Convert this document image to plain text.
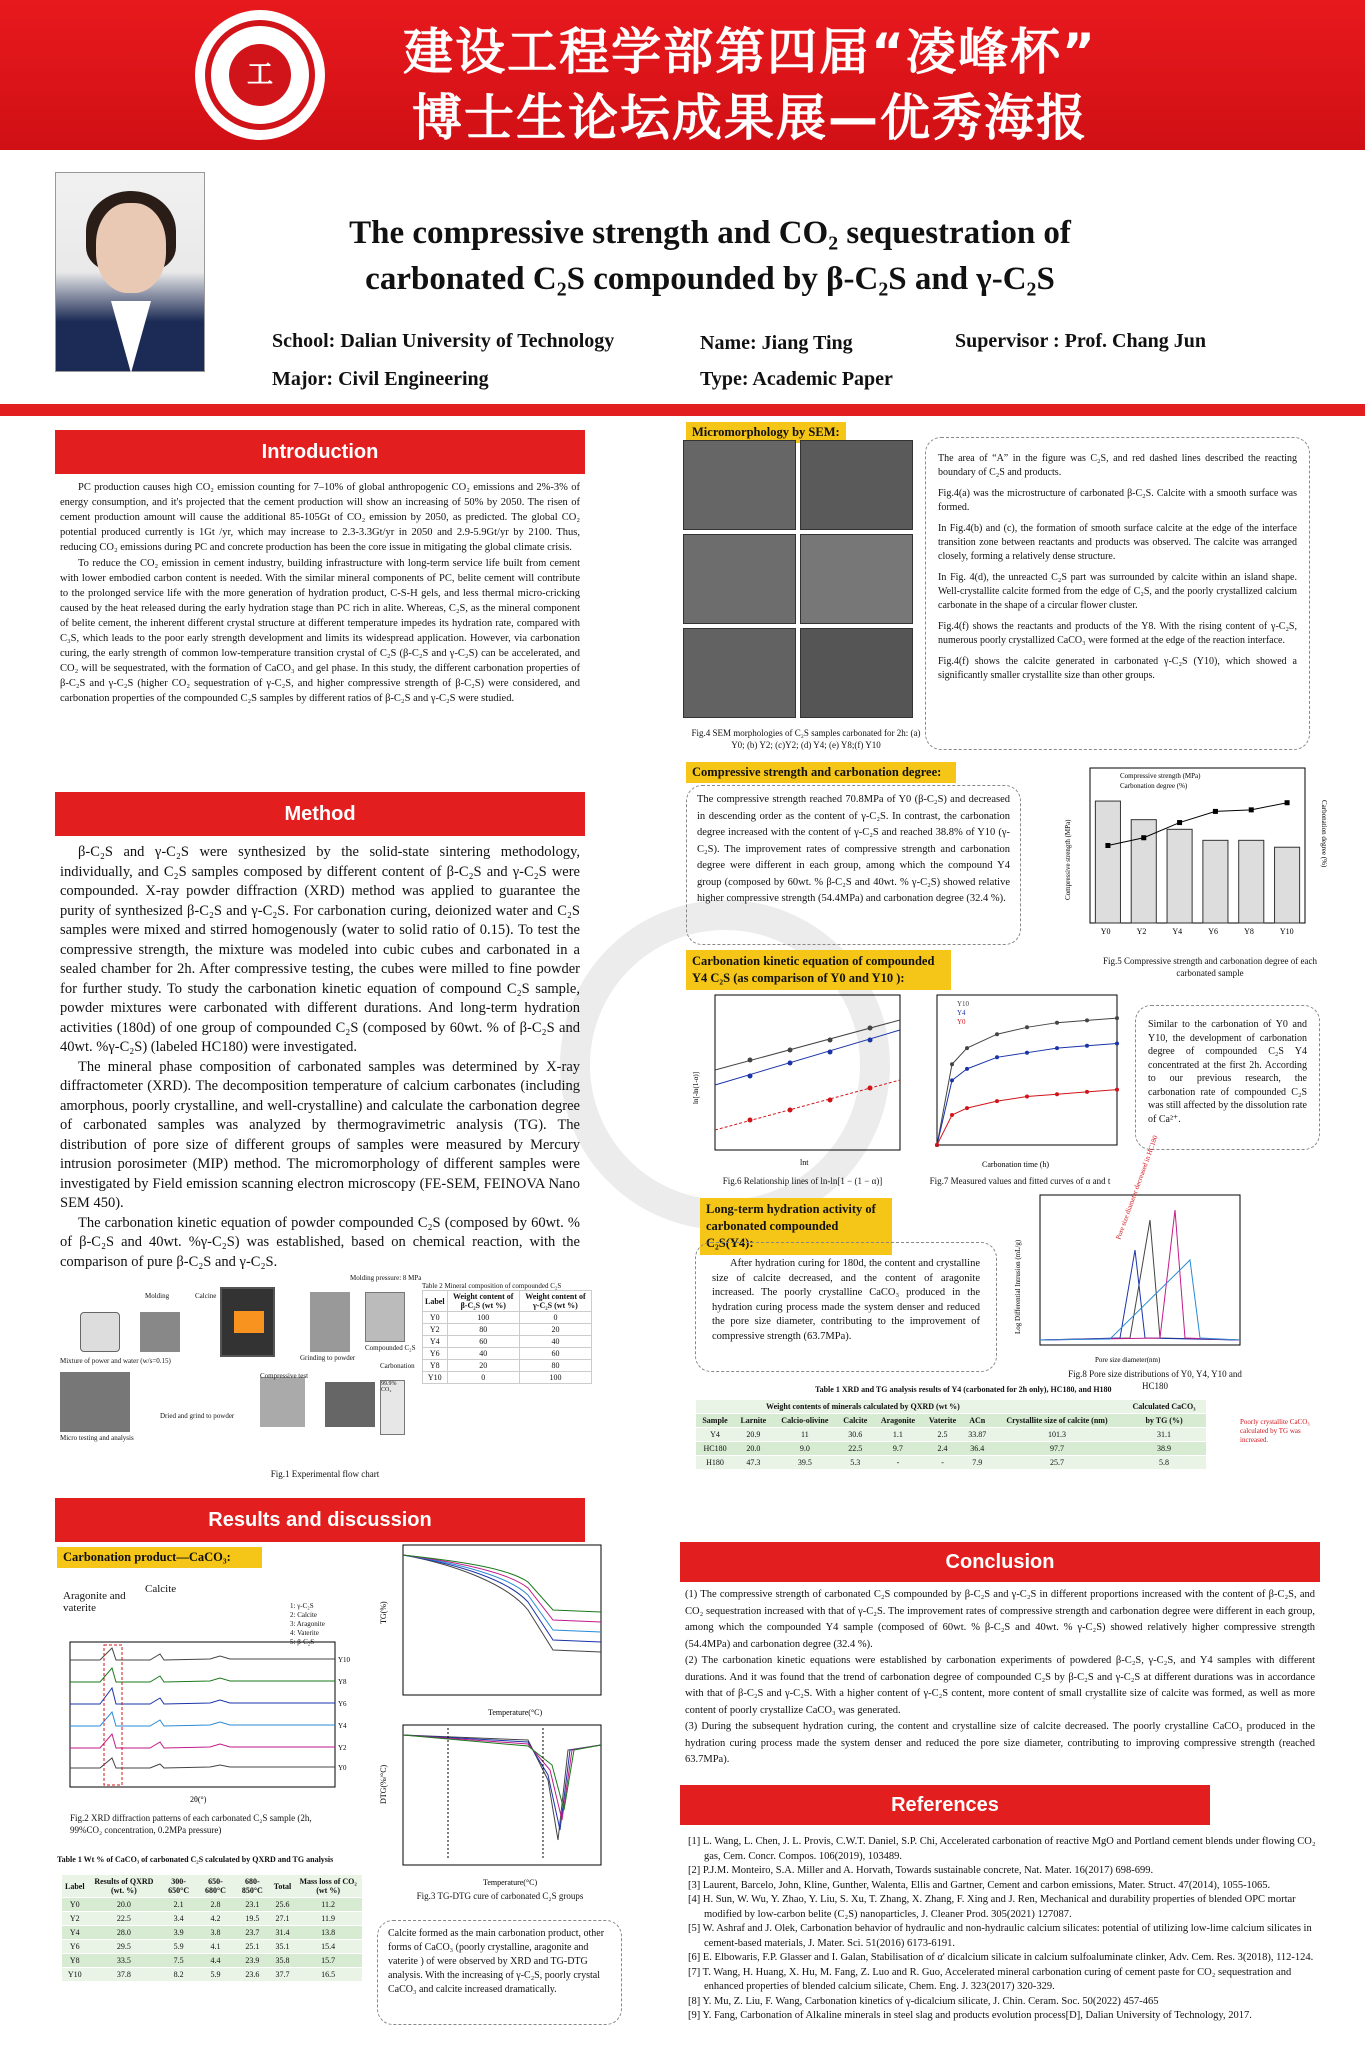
建设工程学部第四届“凌峰杯”
博士生论坛成果展—优秀海报
工
The compressive strength and CO₂ sequestration of
carbonated C₂S compounded by β-C₂S and γ-C₂S
School: Dalian University of Technology	Name: Jiang Ting	Supervisor : Prof. Chang Jun
Major: Civil Engineering	Type: Academic Paper
Introduction

PC production causes high CO₂ emission counting for 7–10% of global anthropogenic CO₂ emissions and 2%-3% of energy consumption, and it's projected that the cement production will show an increasing of 50% by 2050. The risen of cement production amount will cause the additional 85-105Gt of CO₂ emission by 2050, as predicted. The global CO₂ potential produced currently is 1Gt /yr, which may increase to 2.3-3.3Gt/yr in 2050 and 2.9-5.9Gt/yr by 2100. Thus, reducing CO₂ emissions during PC and concrete production has been the core issue in mitigating the global climate crisis.

To reduce the CO₂ emission in cement industry, building infrastructure with long-term service life built from cement with lower embodied carbon content is needed. With the similar mineral components of PC, belite cement will contribute to the prolonged service life with the more generation of hydration product, C-S-H gels, and less thermal micro-cricking caused by the heat released during the early hydration stage than PC rich in alite. Whereas, C₂S, as the mineral component of belite cement, the inherent different crystal structure at different temperature impedes its hydration rate, compared with C₃S, which leads to the poor early strength development and limits its widespread application. However, via carbonation curing, the early strength of common low-temperature transition crystal of C₂S (β-C₂S and γ-C₂S) can be accelerated, and CO₂ will be sequestrated, with the formation of CaCO₃ and gel phase. In this study, the different carbonation properties of β-C₂S and γ-C₂S (higher CO₂ sequestration of γ-C₂S, and higher compressive strength of β-C₂S) were considered, and carbonation properties of the compounded C₂S samples by different ratios of β-C₂S and γ-C₂S were studied.

Method

β-C₂S and γ-C₂S were synthesized by the solid-state sintering methodology, individually, and C₂S samples composed by different content of β-C₂S and γ-C₂S were compounded. X-ray powder diffraction (XRD) method was applied to guarantee the purity of synthesized β-C₂S and γ-C₂S. For carbonation curing, deionized water and C₂S samples were mixed and stirred homogenously (water to solid ratio of 0.15). To test the compressive strength, the mixture was modeled into cubic cubes and carbonated in a sealed chamber for 2h. After compressive testing, the cubes were milled to fine powder for further study. To study the carbonation kinetic equation of compound C₂S sample, powder mixtures were carbonated with different durations. And long-term hydration activities (180d) of one group of compounded C₂S (composed by 60wt. % of β-C₂S and 40wt. %γ-C₂S) (labeled HC180) were investigated.

The mineral phase composition of carbonated samples was determined by X-ray diffractometer (XRD). The decomposition temperature of calcium carbonates (including amorphous, poorly crystalline, and well-crystalline) and calculate the carbonation degree of carbonated samples was analyzed by thermogravimetric analysis (TG). The distribution of pore size of different groups of samples were measured by Mercury intrusion porosimeter (MIP) method. The micromorphology of different samples were investigated by Field emission scanning electron microscopy (FE-SEM, FEINOVA Nano SEM 450).

The carbonation kinetic equation of powder compounded C₂S (composed by 60wt. % of β-C₂S and 40wt. %γ-C₂S) was established, based on chemical reaction, with the comparison of pure β-C₂S and γ-C₂S.

Mixture of power and water (w/s=0.15)
Molding	Calcine
Grinding to powder
Molding pressure: 8 MPa
Compounded C₂S
Micro testing and analysis
Dried and grind to powder
Compressive test
Carbonation
99.9% CO₂
Table 2 Mineral composition of compounded C₂S
Label	Weight content of β-C₂S (wt %)	Weight content of γ-C₂S (wt %)
Y0	100	0
Y2	80	20
Y4	60	40
Y6	40	60
Y8	20	80
Y10	0	100
Fig.1 Experimental flow chart
Results and discussion
Carbonation product—CaCO₃:
Aragonite and vaterite
Calcite
1: γ-C₂S
2: Calcite
3: Aragonite
4: Vaterite
5: β-C₂S
Y10
Y8
Y6
Y4
Y2
Y0
2θ(°)
Fig.2 XRD diffraction patterns of each carbonated C₂S sample (2h, 99%CO₂ concentration, 0.2MPa pressure)
Temperature(°C)
TG(%)
Temperature(°C)
DTG(%/°C)
Fig.3 TG-DTG cure of carbonated C₂S groups
Table 1 Wt % of CaCO₃ of carbonated C₂S calculated by QXRD and TG analysis
Label	Results of QXRD (wt. %)	300-650°C	650-680°C	680-850°C	Total	Mass loss of CO₂ (wt %)
Y0	20.0	2.1	2.8	23.1	25.6	11.2
Y2	22.5	3.4	4.2	19.5	27.1	11.9
Y4	28.0	3.9	3.8	23.7	31.4	13.8
Y6	29.5	5.9	4.1	25.1	35.1	15.4
Y8	33.5	7.5	4.4	23.9	35.8	15.7
Y10	37.8	8.2	5.9	23.6	37.7	16.5
Calcite formed as the main carbonation product, other forms of CaCO₃ (poorly crystalline, aragonite and vaterite ) of were observed by XRD and TG-DTG analysis. With the increasing of γ-C₂S, poorly crystal CaCO₃ and calcite increased dramatically.
Micromorphology by SEM:
Fig.4 SEM morphologies of C₂S samples carbonated for 2h: (a) Y0; (b) Y2; (c)Y2; (d) Y4; (e) Y8;(f) Y10

The area of “A” in the figure was C₂S, and red dashed lines described the reacting boundary of C₂S and products.

Fig.4(a) was the microstructure of carbonated β-C₂S. Calcite with a smooth surface was formed.

In Fig.4(b) and (c), the formation of smooth surface calcite at the edge of the interface transition zone between reactants and products was observed. The calcite was arranged closely, forming a relatively dense structure.

In Fig. 4(d), the unreacted C₂S part was surrounded by calcite within an island shape. Well-crystallite calcite formed from the edge of C₂S, and the poorly crystallized calcium carbonate in the shape of a circular flower cluster.

Fig.4(f) shows the reactants and products of the Y8. With the rising content of γ-C₂S, numerous poorly crystallized CaCO₃ were formed at the edge of the reaction interface.

Fig.4(f) shows the calcite generated in carbonated γ-C₂S (Y10), which showed a significantly smaller crystallite size than other groups.

Compressive strength and carbonation degree:
The compressive strength reached 70.8MPa of Y0 (β-C₂S) and decreased in descending order as the content of γ-C₂S. In contrast, the carbonation degree increased with the content of γ-C₂S and reached 38.8% of Y10 (γ-C₂S). The improvement rates of compressive strength and carbonation degree were different in each group, among which the compound Y4 group (composed by 60wt. % β-C₂S and 40wt. % γ-C₂S) showed relative higher compressive strength (54.4MPa) and carbonation degree (32.4 %).
Y0	Y2	Y4	Y6	Y8	Y10
Compressive strength (MPa)
Carbonation degree (%)
Compressive strength (MPa)	Carbonation degree (%)
Fig.5 Compressive strength and carbonation degree of each carbonated sample
Carbonation kinetic equation of compounded Y4 C₂S (as comparison of Y0 and Y10 ):
lnt
ln[-ln(1-α)]
Fig.6 Relationship lines of ln-ln[1 − (1 − α)]
Carbonation time (h)
Y10
Y4
Y0
Fig.7 Measured values and fitted curves of α and t
Similar to the carbonation of Y0 and Y10, the development of carbonation degree of compounded C₂S Y4 concentrated at the first 2h. According to our previous research, the carbonation rate of compounded C₂S was still affected by the dissolution rate of Ca²⁺.
Long-term hydration activity of carbonated compounded C₂S(Y4):
After hydration curing for 180d, the content and crystalline size of calcite decreased, and the content of aragonite increased. The poorly crystalline CaCO₃ produced in the hydration curing process made the system denser and reduced the pore size diameter, contributing to the improvement of compressive strength (63.7MPa).
Pore size diameter(nm)
Log Differential Intrusion (mL/g)
Pore size diameter decreased in HC180
Fig.8 Pore size distributions of Y0, Y4, Y10 and HC180
Table 1 XRD and TG analysis results of Y4 (carbonated for 2h only), HC180, and H180
	Weight contents of minerals calculated by QXRD (wt %)							Calculated CaCO₃
Sample	Larnite	Calcio-olivine	Calcite	Aragonite	Vaterite	ACn	Crystallite size of calcite (nm)	by TG (%)
Y4	20.9	11	30.6	1.1	2.5	33.87	101.3	31.1
HC180	20.0	9.0	22.5	9.7	2.4	36.4	97.7	38.9
H180	47.3	39.5	5.3	-	-	7.9	25.7	5.8
Poorly crystallite CaCO₃ calculated by TG was increased.
Conclusion

(1) The compressive strength of carbonated C₂S compounded by β-C₂S and γ-C₂S in different proportions increased with the content of β-C₂S, and CO₂ sequestration increased with that of γ-C₂S. The improvement rates of compressive strength and carbonation degree were different in each group, among which the compounded Y4 sample (composed of 60wt. % β-C₂S and 40wt. % γ-C₂S) showed relatively higher compressive strength (54.4MPa) and carbonation degree (32.4 %).

(2) The carbonation kinetic equations were established by carbonation experiments of powdered β-C₂S, γ-C₂S, and Y4 samples with different durations. And it was found that the trend of carbonation degree of compounded C₂S by β-C₂S and γ-C₂S at different durations was in accordance with that of β-C₂S and γ-C₂S. With a higher content of γ-C₂S content, more content of small crystallite size of calcite was formed, as well as more content of poorly crystallize CaCO₃ was generated.

(3) During the subsequent hydration curing, the content and crystalline size of calcite decreased. The poorly crystalline CaCO₃ produced in the hydration curing process made the system denser and reduced the pore size diameter, contributing to improving compressive strength (reached 63.7MPa).

References
[1] L. Wang, L. Chen, J. L. Provis, C.W.T. Daniel, S.P. Chi, Accelerated carbonation of reactive MgO and Portland cement blends under flowing CO₂ gas, Cem. Concr. Compos. 106(2019), 103489.
[2] P.J.M. Monteiro, S.A. Miller and A. Horvath, Towards sustainable concrete, Nat. Mater. 16(2017) 698-699.
[3] Laurent, Barcelo, John, Kline, Gunther, Walenta, Ellis and Gartner, Cement and carbon emissions, Mater. Struct. 47(2014), 1055-1065.
[4] H. Sun, W. Wu, Y. Zhao, Y. Liu, S. Xu, T. Zhang, X. Zhang, F. Xing and J. Ren, Mechanical and durability properties of blended OPC mortar modified by low-carbon belite (C₂S) nanoparticles, J. Cleaner Prod. 305(2021) 127087.
[5] W. Ashraf and J. Olek, Carbonation behavior of hydraulic and non-hydraulic calcium silicates: potential of utilizing low-lime calcium silicates in cement-based materials, J. Mater. Sci. 51(2016) 6173-6191.
[6] E. Elbowaris, F.P. Glasser and I. Galan, Stabilisation of α' dicalcium silicate in calcium sulfoaluminate clinker, Adv. Cem. Res. 3(2018), 112-124.
[7] T. Wang, H. Huang, X. Hu, M. Fang, Z. Luo and R. Guo, Accelerated mineral carbonation curing of cement paste for CO₂ sequestration and enhanced properties of blended calcium silicate, Chem. Eng. J. 323(2017) 320-329.
[8] Y. Mu, Z. Liu, F. Wang, Carbonation kinetics of γ-dicalcium silicate, J. Chin. Ceram. Soc. 50(2022) 457-465
[9] Y. Fang, Carbonation of Alkaline minerals in steel slag and products evolution process[D], Dalian University of Technology, 2017.
